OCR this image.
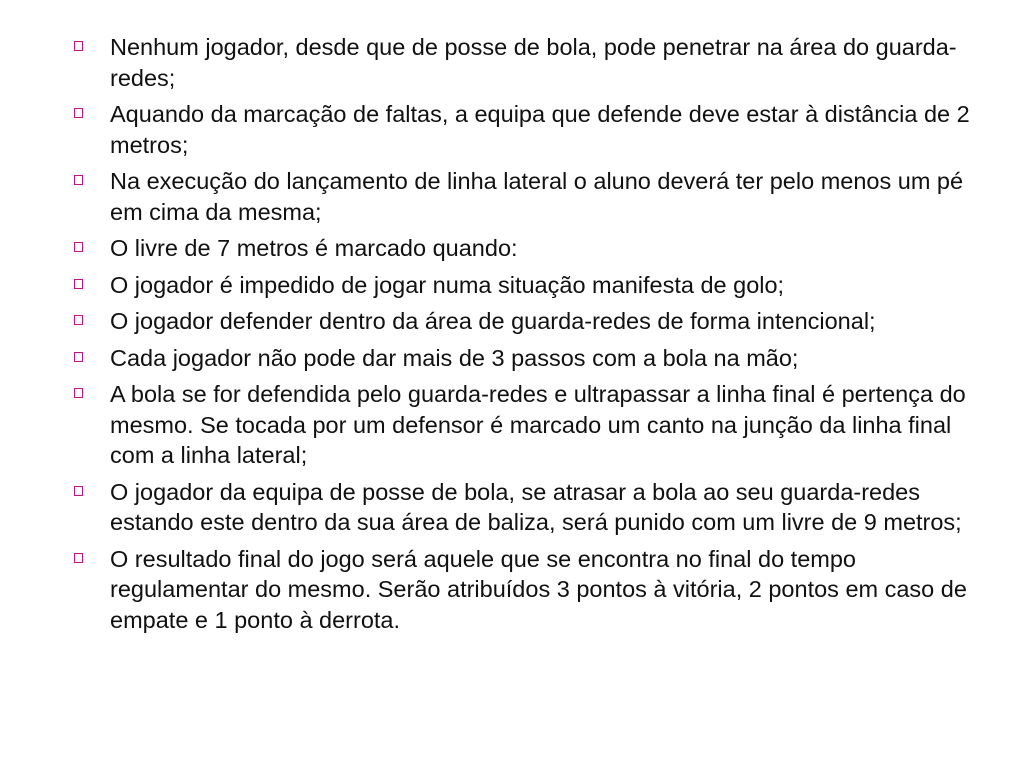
Nenhum jogador, desde que de posse de bola, pode penetrar na área do guarda-redes;
Aquando da marcação de faltas, a equipa que defende deve estar à distância de 2 metros;
Na execução do lançamento de linha lateral o aluno deverá ter pelo menos um pé em cima da mesma;
O livre de 7 metros é marcado quando:
O jogador é impedido de jogar numa situação manifesta de golo;
O jogador defender dentro da área de guarda-redes de forma intencional;
Cada jogador não pode dar mais de 3 passos com a bola na mão;
A bola se for defendida pelo guarda-redes e ultrapassar a linha final é pertença do mesmo. Se tocada por um defensor é marcado um canto na junção da linha final com a linha lateral;
O jogador da equipa de posse de bola, se atrasar a bola ao seu guarda-redes estando este dentro da sua área de baliza, será punido com um livre de 9 metros;
O resultado final do jogo será aquele que se encontra no final do tempo regulamentar do mesmo. Serão atribuídos 3 pontos à vitória, 2 pontos em caso de empate e 1 ponto à derrota.
